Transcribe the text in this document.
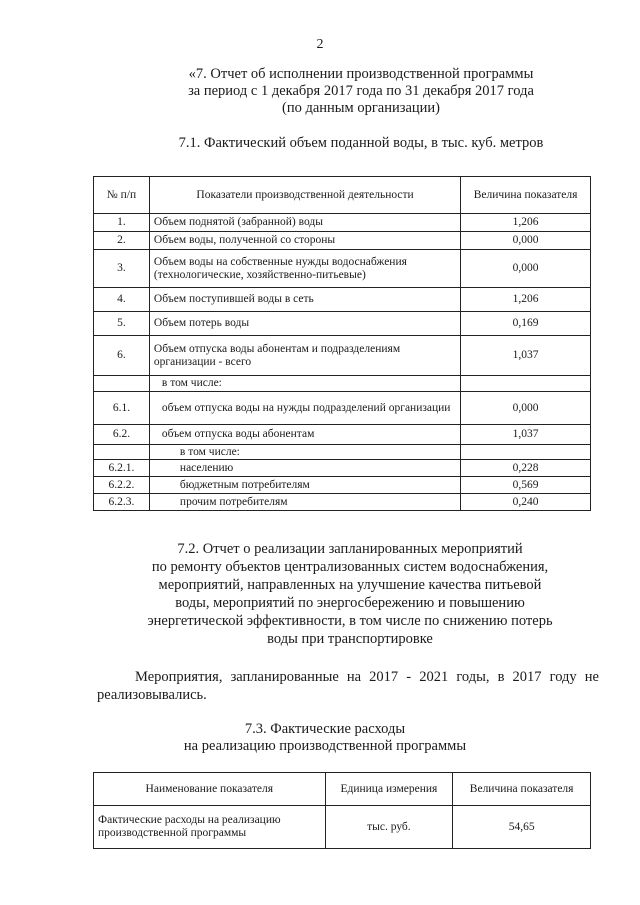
2
«7. Отчет об исполнении производственной программы
за период с 1 декабря 2017 года по 31 декабря 2017 года
(по данным организации)
7.1. Фактический объем поданной воды, в тыс. куб. метров
№ п/п	Показатели производственной деятельности	Величина показателя
1.	Объем поднятой (забранной) воды	1,206
2.	Объем воды, полученной со стороны	0,000
3.	Объем воды на собственные нужды водоснабжения (технологические, хозяйственно-питьевые)	0,000
4.	Объем поступившей воды в сеть	1,206
5.	Объем потерь воды	0,169
6.	Объем отпуска воды абонентам и подразделениям организации - всего	1,037
	в том числе:	
6.1.	объем отпуска воды на нужды подразделений организации	0,000
6.2.	объем отпуска воды абонентам	1,037
	в том числе:	
6.2.1.	населению	0,228
6.2.2.	бюджетным потребителям	0,569
6.2.3.	прочим потребителям	0,240
7.2. Отчет о реализации запланированных мероприятий
по ремонту объектов централизованных систем водоснабжения,
мероприятий, направленных на улучшение качества питьевой
воды, мероприятий по энергосбережению и повышению
энергетической эффективности, в том числе по снижению потерь
воды при транспортировке
Мероприятия, запланированные на 2017 - 2021 годы, в 2017 году не реализовывались.
7.3. Фактические расходы
на реализацию производственной программы
Наименование показателя	Единица измерения	Величина показателя
Фактические расходы на реализацию производственной программы	тыс. руб.	54,65
